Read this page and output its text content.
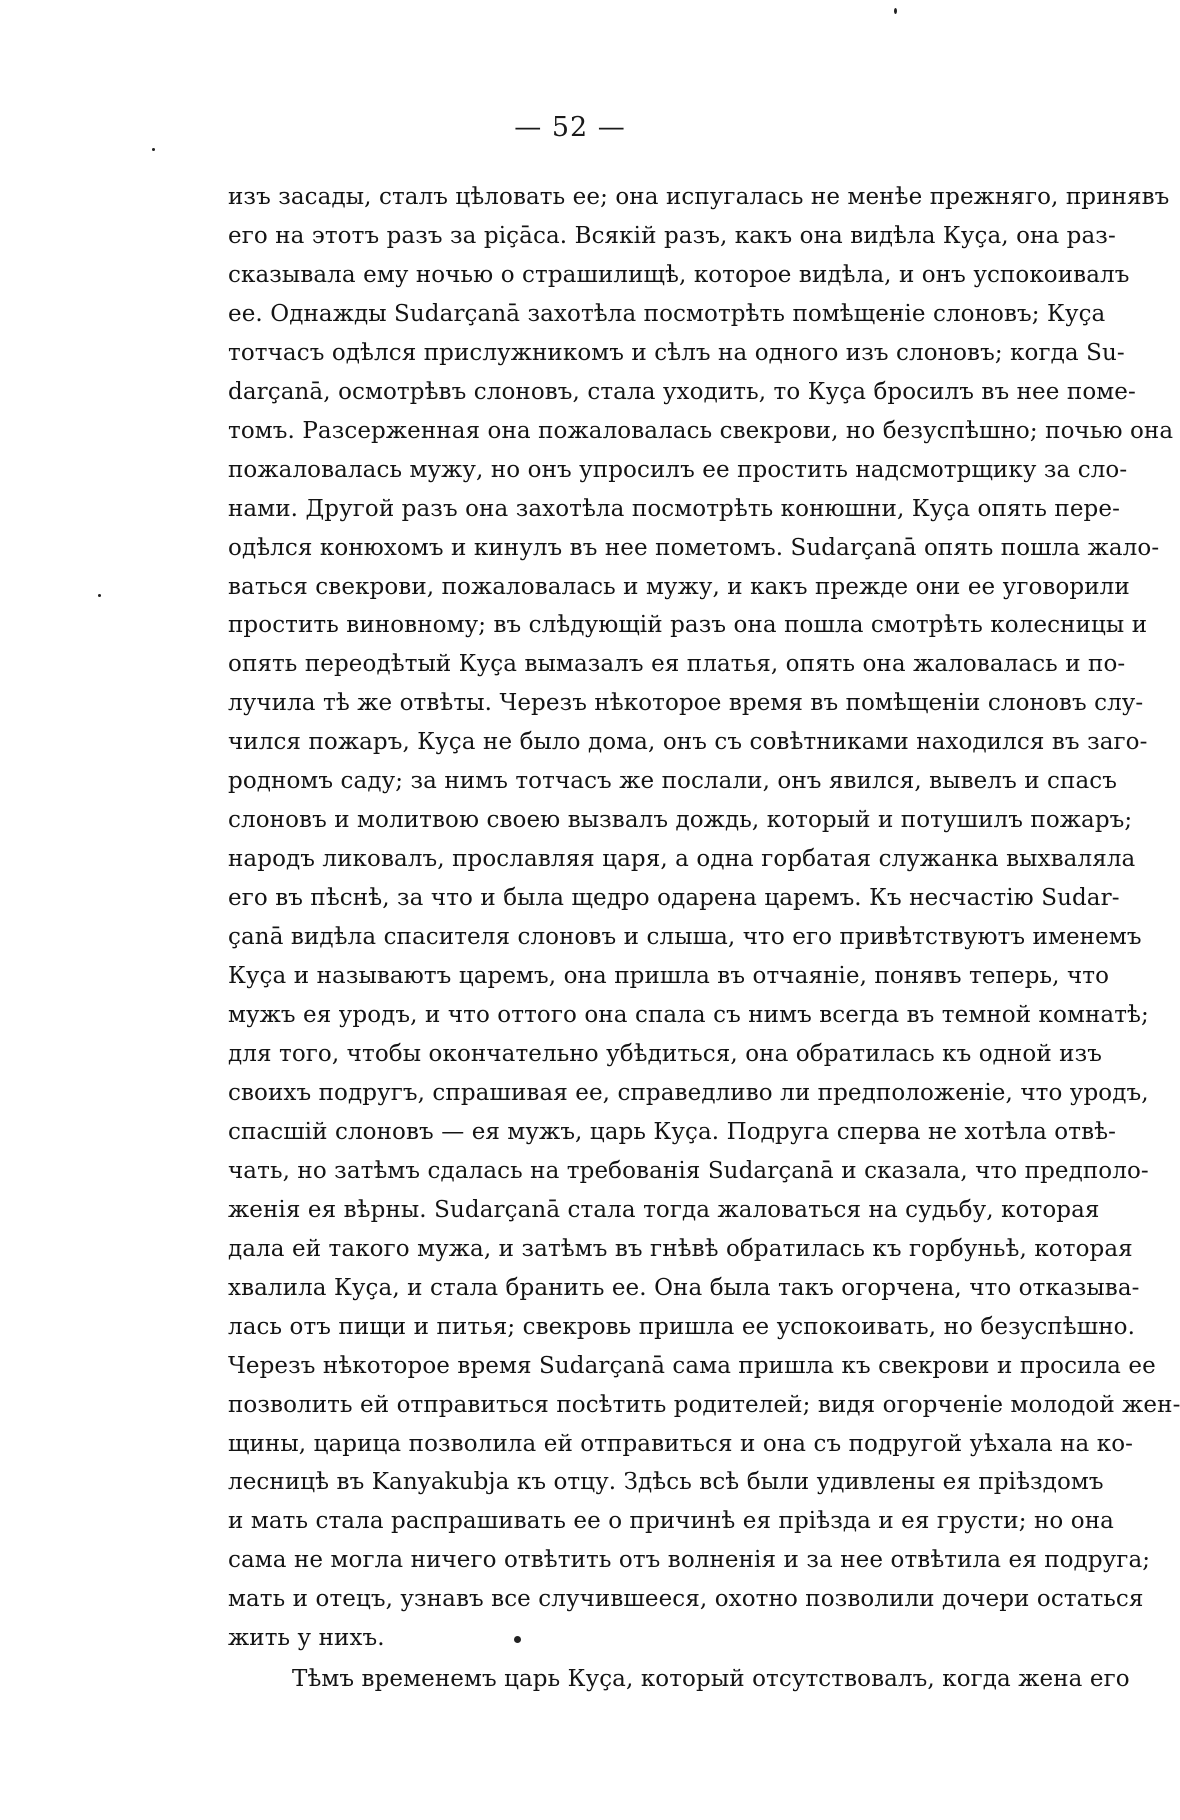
— 52 —
изъ засады, сталъ цѣловать ее; она испугалась не менѣе прежняго, принявъ
его на этотъ разъ за piçāca. Всякій разъ, какъ она видѣла Куçа, она раз-
сказывала ему ночью о страшилищѣ, которое видѣла, и онъ успокоивалъ
ее. Однажды Sudarçanā захотѣла посмотрѣть помѣщеніе слоновъ; Куçа
тотчасъ одѣлся прислужникомъ и сѣлъ на одного изъ слоновъ; когда Su-
darçanā, осмотрѣвъ слоновъ, стала уходить, то Куçа бросилъ въ нее поме-
томъ. Разсерженная она пожаловалась свекрови, но безуспѣшно; почью она
пожаловалась мужу, но онъ упросилъ ее простить надсмотрщику за сло-
нами. Другой разъ она захотѣла посмотрѣть конюшни, Куçа опять пере-
одѣлся конюхомъ и кинулъ въ нее пометомъ. Sudarçanā опять пошла жало-
ваться свекрови, пожаловалась и мужу, и какъ прежде они ее уговорили
простить виновному; въ слѣдующій разъ она пошла смотрѣть колесницы и
опять переодѣтый Куçа вымазалъ ея платья, опять она жаловалась и по-
лучила тѣ же отвѣты. Черезъ нѣкоторое время въ помѣщеніи слоновъ слу-
чился пожаръ, Куçа не было дома, онъ съ совѣтниками находился въ заго-
родномъ саду; за нимъ тотчасъ же послали, онъ явился, вывелъ и спасъ
слоновъ и молитвою своею вызвалъ дождь, который и потушилъ пожаръ;
народъ ликовалъ, прославляя царя, а одна горбатая служанка выхваляла
его въ пѣснѣ, за что и была щедро одарена царемъ. Къ несчастію Sudar-
çanā видѣла спасителя слоновъ и слыша, что его привѣтствуютъ именемъ
Куçа и называютъ царемъ, она пришла въ отчаяніе, понявъ теперь, что
мужъ ея уродъ, и что оттого она спала съ нимъ всегда въ темной комнатѣ;
для того, чтобы окончательно убѣдиться, она обратилась къ одной изъ
своихъ подругъ, спрашивая ее, справедливо ли предположеніе, что уродъ,
спасшій слоновъ — ея мужъ, царь Куçа. Подруга сперва не хотѣла отвѣ-
чать, но затѣмъ сдалась на требованія Sudarçanā и сказала, что предполо-
женія ея вѣрны. Sudarçanā стала тогда жаловаться на судьбу, которая
дала ей такого мужа, и затѣмъ въ гнѣвѣ обратилась къ горбуньѣ, которая
хвалила Куçа, и стала бранить ее. Она была такъ огорчена, что отказыва-
лась отъ пищи и питья; свекровь пришла ее успокоивать, но безуспѣшно.
Черезъ нѣкоторое время Sudarçanā сама пришла къ свекрови и просила ее
позволить ей отправиться посѣтить родителей; видя огорченіе молодой жен-
щины, царица позволила ей отправиться и она съ подругой уѣхала на ко-
лесницѣ въ Kanyakubja къ отцу. Здѣсь всѣ были удивлены ея пріѣздомъ
и мать стала распрашивать ее о причинѣ ея пріѣзда и ея грусти; но она
сама не могла ничего отвѣтить отъ волненія и за нее отвѣтила ея подруга;
мать и отецъ, узнавъ все случившееся, охотно позволили дочери остаться
жить у нихъ.
Тѣмъ временемъ царь Куçа, который отсутствовалъ, когда жена его
